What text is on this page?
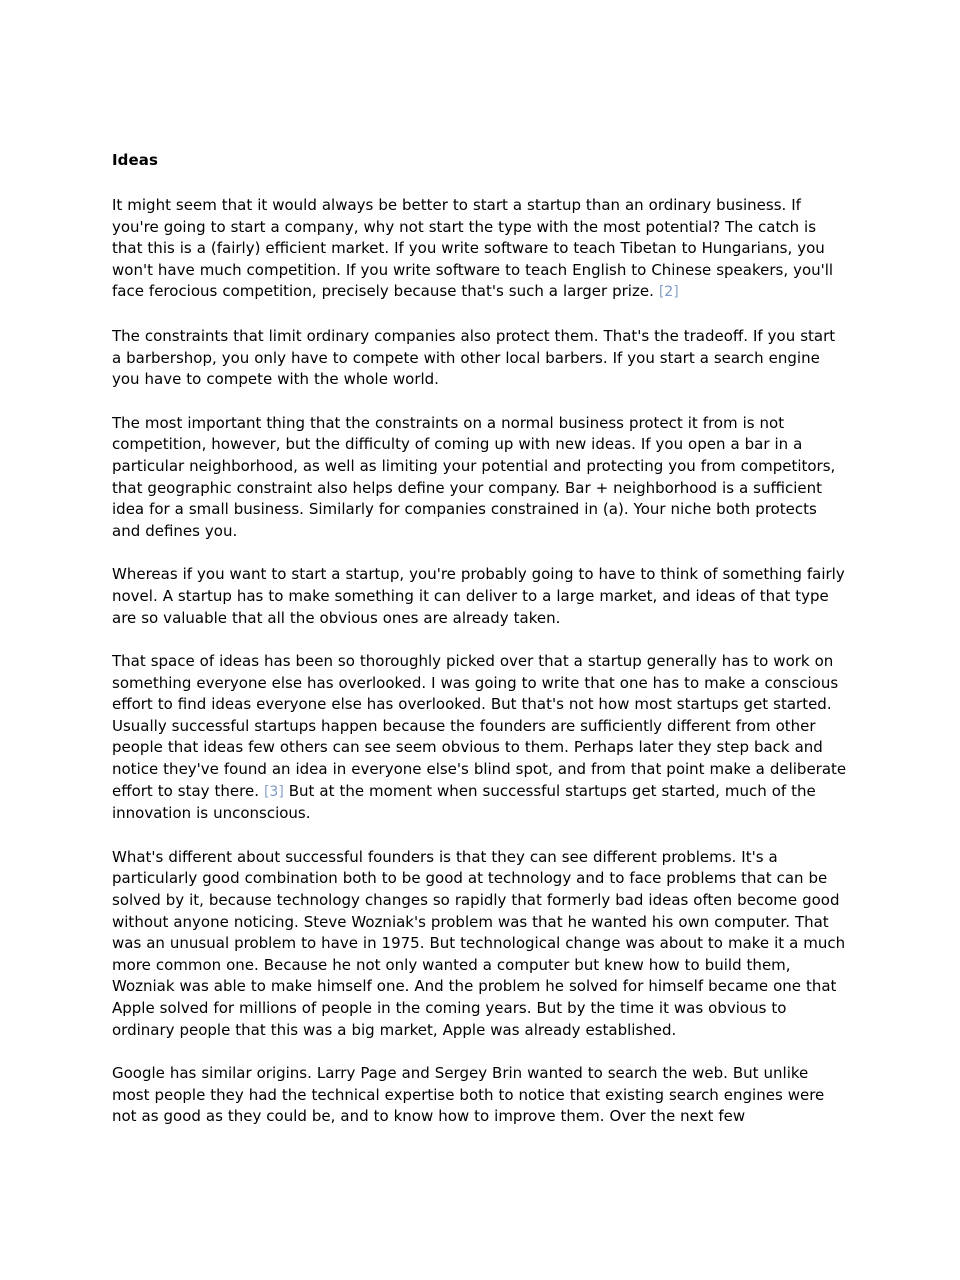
Ideas

It might seem that it would always be better to start a startup than an ordinary business. If you're going to start a company, why not start the type with the most potential? The catch is that this is a (fairly) efficient market. If you write software to teach Tibetan to Hungarians, you won't have much competition. If you write software to teach English to Chinese speakers, you'll face ferocious competition, precisely because that's such a larger prize. [2]

The constraints that limit ordinary companies also protect them. That's the tradeoff. If you start a barbershop, you only have to compete with other local barbers. If you start a search engine you have to compete with the whole world.

The most important thing that the constraints on a normal business protect it from is not competition, however, but the difficulty of coming up with new ideas. If you open a bar in a particular neighborhood, as well as limiting your potential and protecting you from competitors, that geographic constraint also helps define your company. Bar + neighborhood is a sufficient idea for a small business. Similarly for companies constrained in (a). Your niche both protects and defines you.

Whereas if you want to start a startup, you're probably going to have to think of something fairly novel. A startup has to make something it can deliver to a large market, and ideas of that type are so valuable that all the obvious ones are already taken.

That space of ideas has been so thoroughly picked over that a startup generally has to work on something everyone else has overlooked. I was going to write that one has to make a conscious effort to find ideas everyone else has overlooked. But that's not how most startups get started. Usually successful startups happen because the founders are sufficiently different from other people that ideas few others can see seem obvious to them. Perhaps later they step back and notice they've found an idea in everyone else's blind spot, and from that point make a deliberate effort to stay there. [3] But at the moment when successful startups get started, much of the innovation is unconscious.

What's different about successful founders is that they can see different problems. It's a particularly good combination both to be good at technology and to face problems that can be solved by it, because technology changes so rapidly that formerly bad ideas often become good without anyone noticing. Steve Wozniak's problem was that he wanted his own computer. That was an unusual problem to have in 1975. But technological change was about to make it a much more common one. Because he not only wanted a computer but knew how to build them, Wozniak was able to make himself one. And the problem he solved for himself became one that Apple solved for millions of people in the coming years. But by the time it was obvious to ordinary people that this was a big market, Apple was already established.

Google has similar origins. Larry Page and Sergey Brin wanted to search the web. But unlike most people they had the technical expertise both to notice that existing search engines were not as good as they could be, and to know how to improve them. Over the next few
